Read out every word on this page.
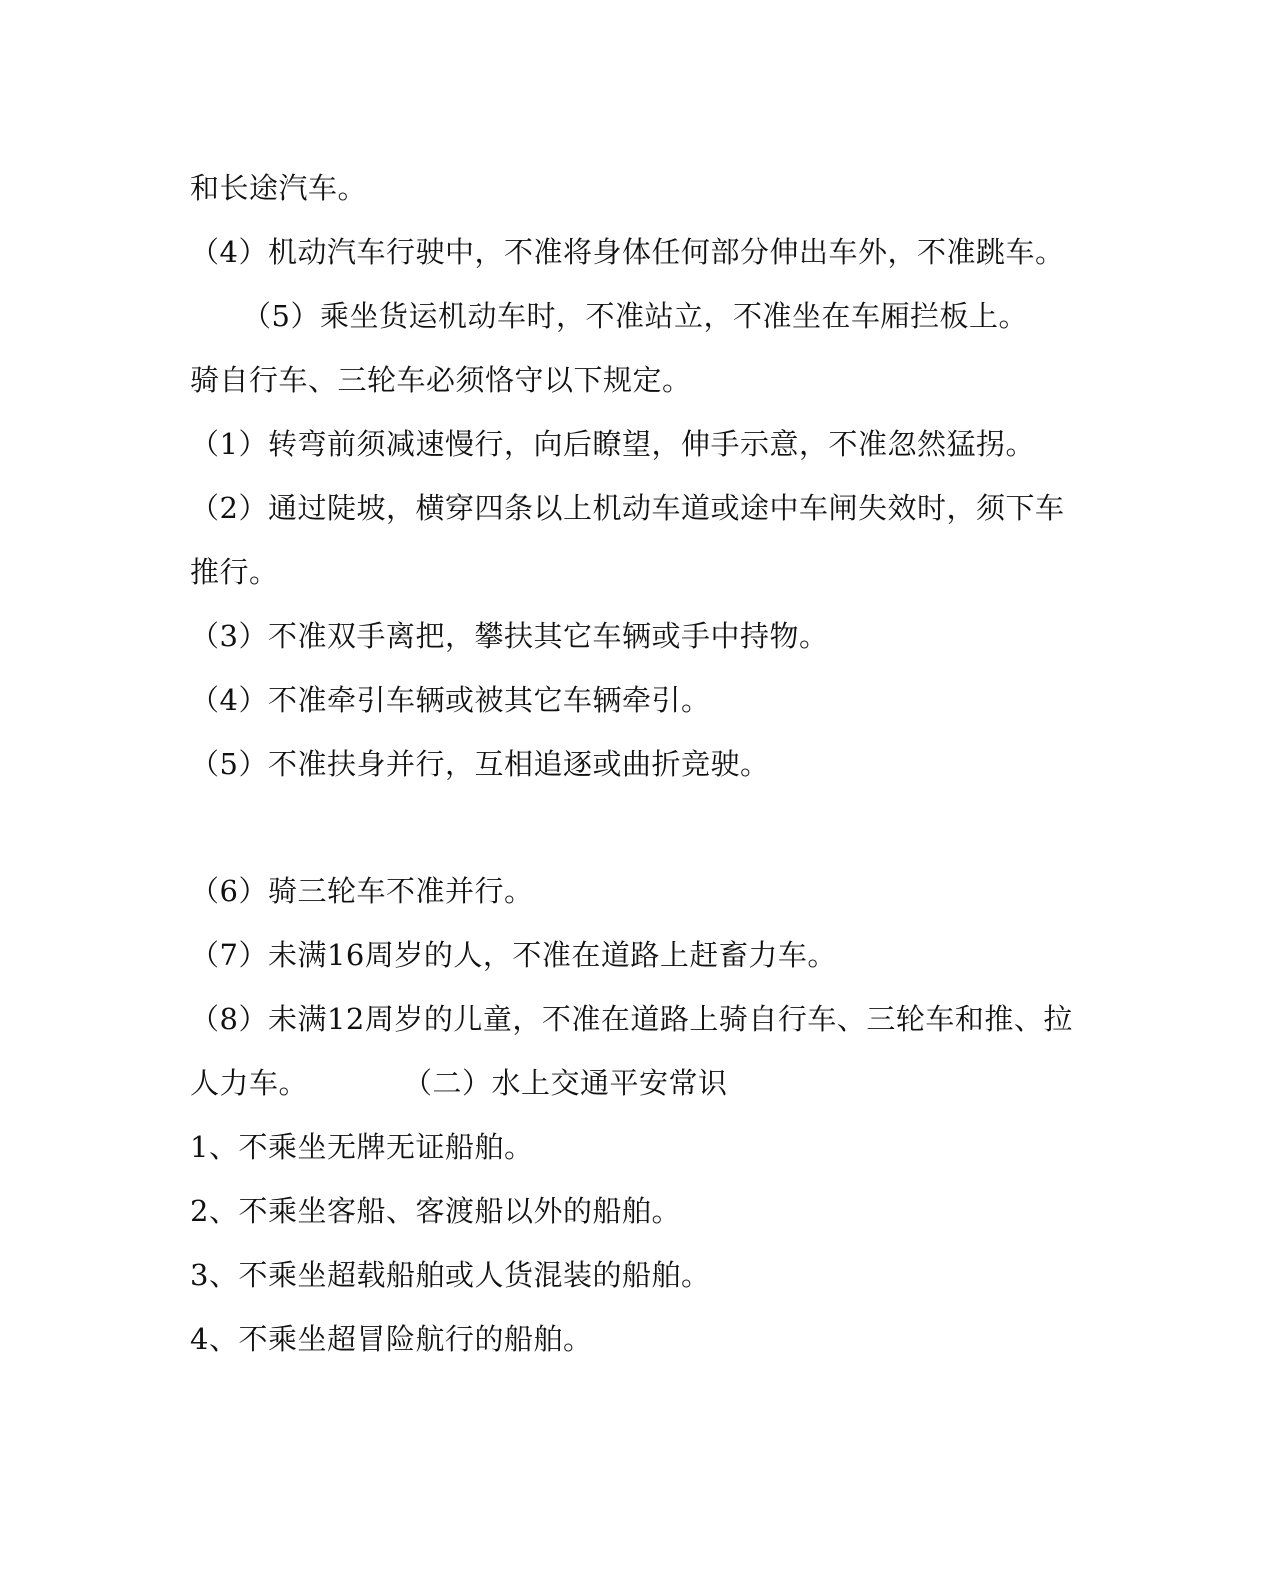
和长途汽车。
（4）机动汽车行驶中，不准将身体任何部分伸出车外，不准跳车。
（5）乘坐货运机动车时，不准站立，不准坐在车厢拦板上。
骑自行车、三轮车必须恪守以下规定。
（1）转弯前须减速慢行，向后瞭望，伸手示意，不准忽然猛拐。
（2）通过陡坡，横穿四条以上机动车道或途中车闸失效时，须下车
推行。
（3）不准双手离把，攀扶其它车辆或手中持物。
（4）不准牵引车辆或被其它车辆牵引。
（5）不准扶身并行，互相追逐或曲折竞驶。
（6）骑三轮车不准并行。
（7）未满16周岁的人，不准在道路上赶畜力车。
（8）未满12周岁的儿童，不准在道路上骑自行车、三轮车和推、拉
人力车。	（二）水上交通平安常识
1、不乘坐无牌无证船舶。
2、不乘坐客船、客渡船以外的船舶。
3、不乘坐超载船舶或人货混装的船舶。
4、不乘坐超冒险航行的船舶。
